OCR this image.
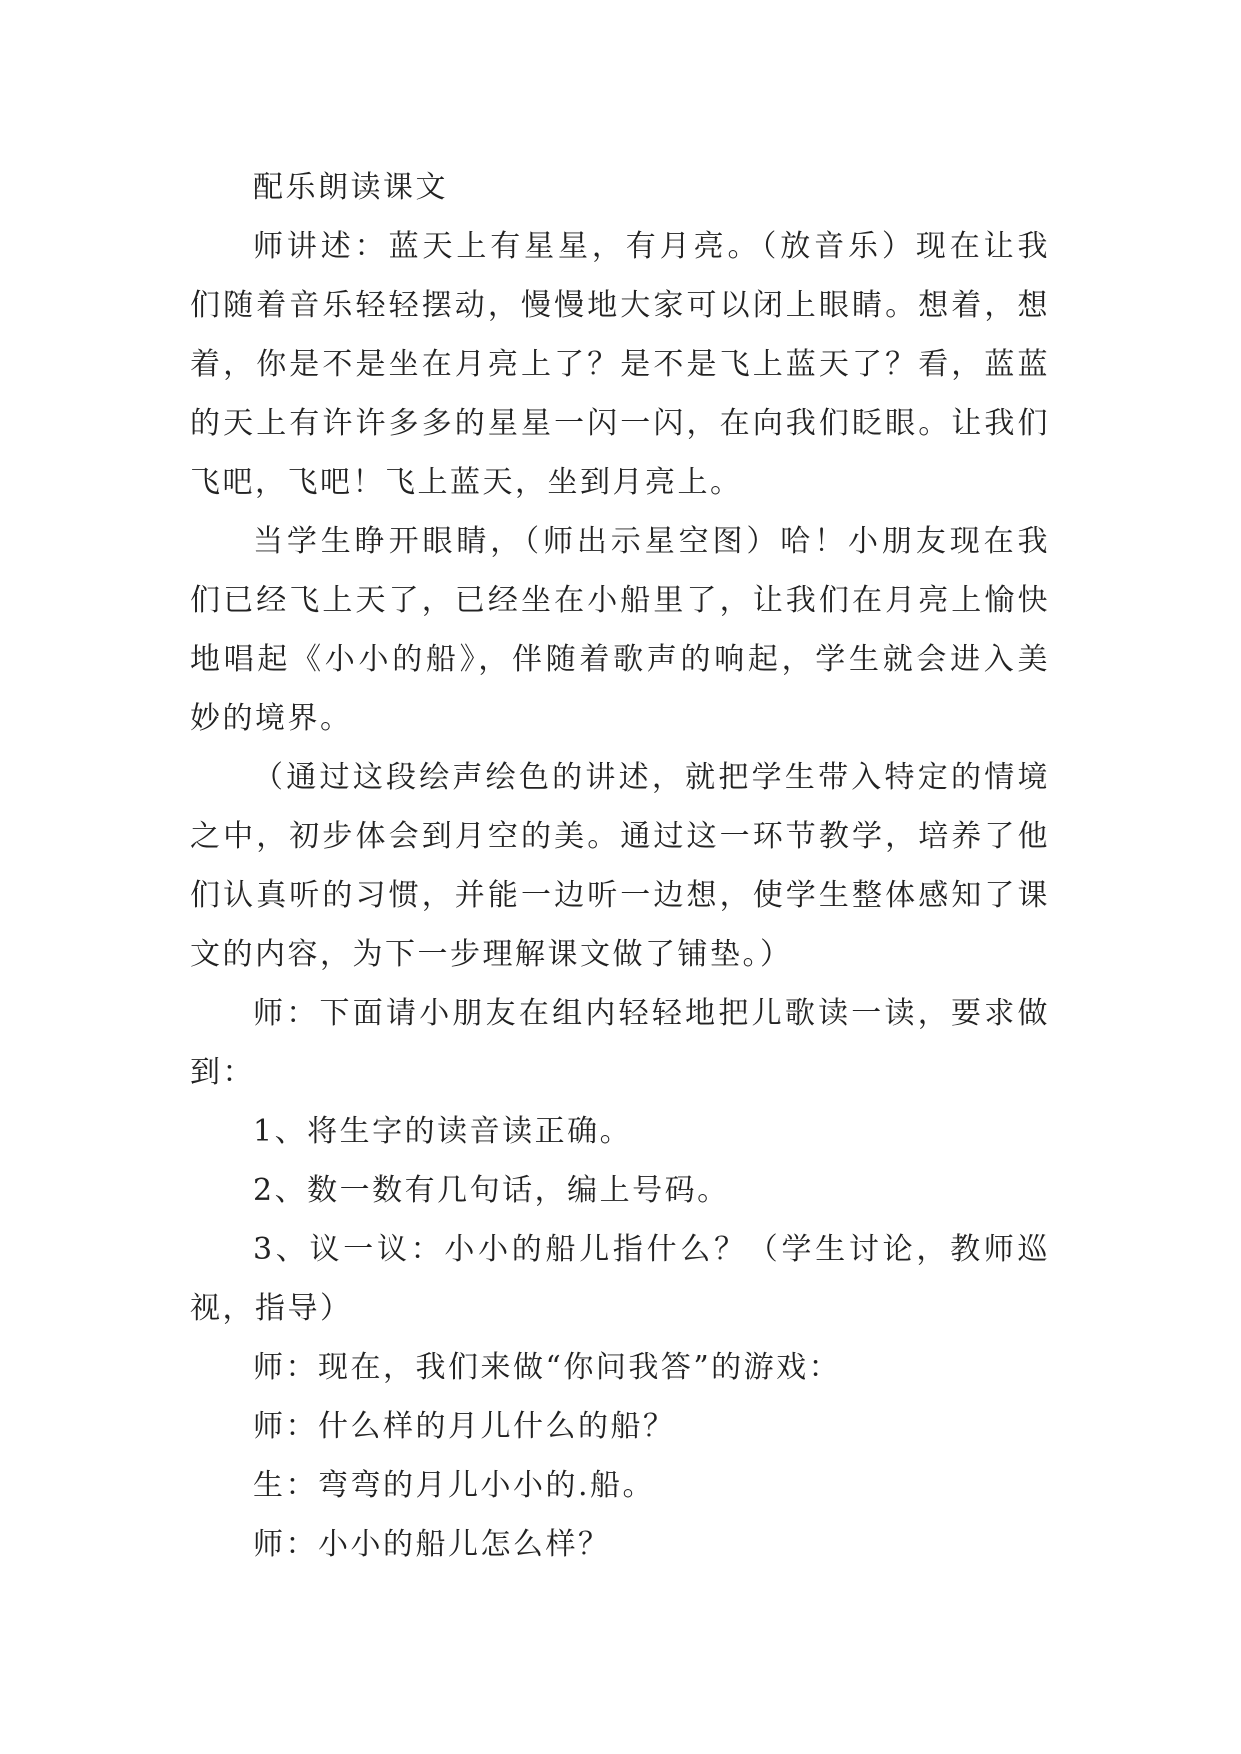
配乐朗读课文

师讲述：蓝天上有星星，有月亮。（放音乐）现在让我们随着音乐轻轻摆动，慢慢地大家可以闭上眼睛。想着，想着，你是不是坐在月亮上了？是不是飞上蓝天了？看，蓝蓝的天上有许许多多的星星一闪一闪，在向我们眨眼。让我们飞吧，飞吧！飞上蓝天，坐到月亮上。

当学生睁开眼睛，（师出示星空图）哈！小朋友现在我们已经飞上天了，已经坐在小船里了，让我们在月亮上愉快地唱起《小小的船》，伴随着歌声的响起，学生就会进入美妙的境界。

（通过这段绘声绘色的讲述，就把学生带入特定的情境之中，初步体会到月空的美。通过这一环节教学，培养了他们认真听的习惯，并能一边听一边想，使学生整体感知了课文的内容，为下一步理解课文做了铺垫。）

师：下面请小朋友在组内轻轻地把儿歌读一读，要求做到：

1、将生字的读音读正确。

2、数一数有几句话，编上号码。

3、议一议：小小的船儿指什么？（学生讨论，教师巡视，指导）

师：现在，我们来做“你问我答”的游戏：

师：什么样的月儿什么的船？

生：弯弯的月儿小小的.船。

师：小小的船儿怎么样？
